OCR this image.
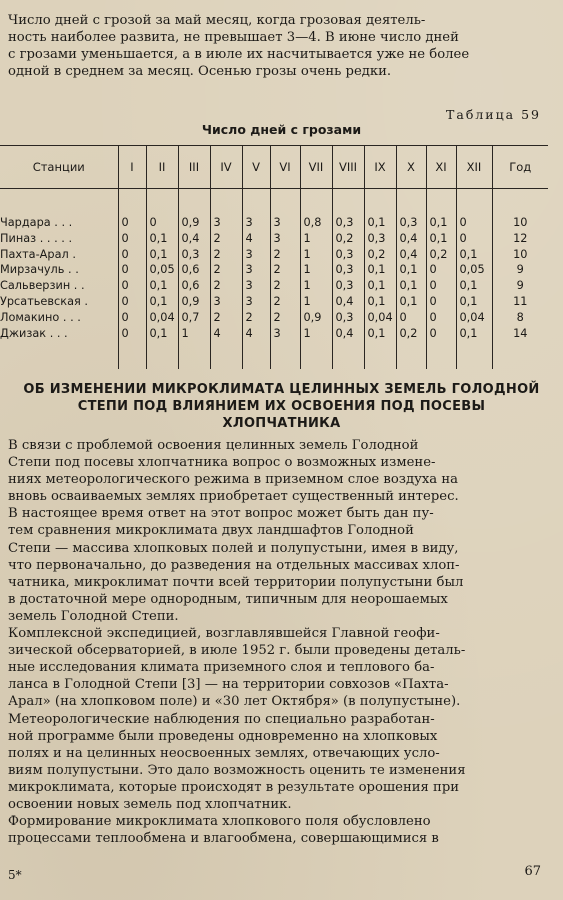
Число дней с грозой за май месяц, когда грозовая деятель-
ность наиболее развита, не превышает 3—4. В июне число дней
с грозами уменьшается, а в июле их насчитывается уже не более
одной в среднем за месяц. Осенью грозы очень редки.
Таблица 59
Число дней с грозами
Станции	I	II	III	IV	V	VI	VII	VIII	IX	X	XI	XII	Год

Чардара . . .	0	0	0,9	3	3	3	0,8	0,3	0,1	0,3	0,1	0	10
Пиназ . . . . .	0	0,1	0,4	2	4	3	1	0,2	0,3	0,4	0,1	0	12
Пахта-Арал .	0	0,1	0,3	2	3	2	1	0,3	0,2	0,4	0,2	0,1	10
Мирзачуль . .	0	0,05	0,6	2	3	2	1	0,3	0,1	0,1	0	0,05	9
Сальверзин . .	0	0,1	0,6	2	3	2	1	0,3	0,1	0,1	0	0,1	9
Урсатьевская .	0	0,1	0,9	3	3	2	1	0,4	0,1	0,1	0	0,1	11
Ломакино . . .	0	0,04	0,7	2	2	2	0,9	0,3	0,04	0	0	0,04	8
Джизак . . .	0	0,1	1	4	4	3	1	0,4	0,1	0,2	0	0,1	14

ОБ ИЗМЕНЕНИИ МИКРОКЛИМАТА ЦЕЛИННЫХ ЗЕМЕЛЬ ГОЛОДНОЙ
СТЕПИ ПОД ВЛИЯНИЕМ ИХ ОСВОЕНИЯ ПОД ПОСЕВЫ
ХЛОПЧАТНИКА
В связи с проблемой освоения целинных земель Голодной
Степи под посевы хлопчатника вопрос о возможных измене-
ниях метеорологического режима в приземном слое воздуха на
вновь осваиваемых землях приобретает существенный интерес.
В настоящее время ответ на этот вопрос может быть дан пу-
тем сравнения микроклимата двух ландшафтов Голодной
Степи — массива хлопковых полей и полупустыни, имея в виду,
что первоначально, до разведения на отдельных массивах хлоп-
чатника, микроклимат почти всей территории полупустыни был
в достаточной мере однородным, типичным для неорошаемых
земель Голодной Степи.
Комплексной экспедицией, возглавлявшейся Главной геофи-
зической обсерваторией, в июле 1952 г. были проведены деталь-
ные исследования климата приземного слоя и теплового ба-
ланса в Голодной Степи [3] — на территории совхозов «Пахта-
Арал» (на хлопковом поле) и «30 лет Октября» (в полупустыне).
Метеорологические наблюдения по специально разработан-
ной программе были проведены одновременно на хлопковых
полях и на целинных неосвоенных землях, отвечающих усло-
виям полупустыни. Это дало возможность оценить те изменения
микроклимата, которые происходят в результате орошения при
освоении новых земель под хлопчатник.
Формирование микроклимата хлопкового поля обусловлено
процессами теплообмена и влагообмена, совершающимися в
5*	67
